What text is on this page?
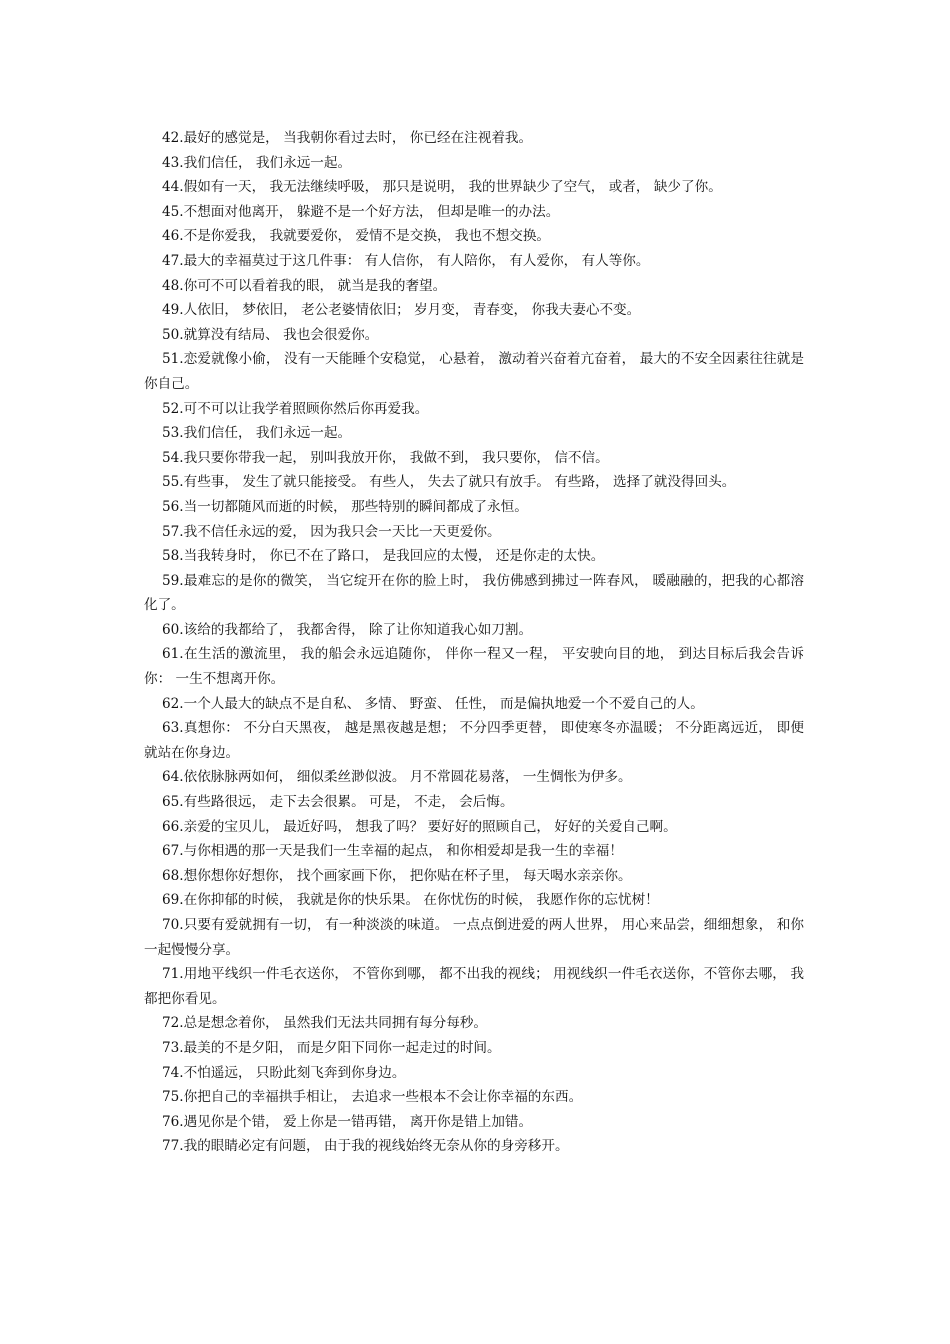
42.最好的感觉是， 当我朝你看过去时， 你已经在注视着我。

43.我们信任， 我们永远一起。

44.假如有一天， 我无法继续呼吸， 那只是说明， 我的世界缺少了空气， 或者， 缺少了你。

45.不想面对他离开， 躲避不是一个好方法， 但却是唯一的办法。

46.不是你爱我， 我就要爱你， 爱情不是交换， 我也不想交换。

47.最大的幸福莫过于这几件事： 有人信你， 有人陪你， 有人爱你， 有人等你。

48.你可不可以看着我的眼， 就当是我的奢望。

49.人依旧， 梦依旧， 老公老婆情依旧； 岁月变， 青春变， 你我夫妻心不变。

50.就算没有结局、 我也会很爱你。

51.恋爱就像小偷， 没有一天能睡个安稳觉， 心悬着， 激动着兴奋着亢奋着， 最大的不安全因素往往就是你自己。

52.可不可以让我学着照顾你然后你再爱我。

53.我们信任， 我们永远一起。

54.我只要你带我一起， 别叫我放开你， 我做不到， 我只要你， 信不信。

55.有些事， 发生了就只能接受。 有些人， 失去了就只有放手。 有些路， 选择了就没得回头。

56.当一切都随风而逝的时候， 那些特别的瞬间都成了永恒。

57.我不信任永远的爱， 因为我只会一天比一天更爱你。

58.当我转身时， 你已不在了路口， 是我回应的太慢， 还是你走的太快。

59.最难忘的是你的微笑， 当它绽开在你的脸上时， 我仿佛感到拂过一阵春风， 暖融融的，把我的心都溶化了。

60.该给的我都给了， 我都舍得， 除了让你知道我心如刀割。

61.在生活的激流里， 我的船会永远追随你， 伴你一程又一程， 平安驶向目的地， 到达目标后我会告诉你： 一生不想离开你。

62.一个人最大的缺点不是自私、 多情、 野蛮、 任性， 而是偏执地爱一个不爱自己的人。

63.真想你： 不分白天黑夜， 越是黑夜越是想； 不分四季更替， 即使寒冬亦温暖； 不分距离远近， 即便就站在你身边。

64.依依脉脉两如何， 细似柔丝渺似波。 月不常圆花易落， 一生惆怅为伊多。

65.有些路很远， 走下去会很累。 可是， 不走， 会后悔。

66.亲爱的宝贝儿， 最近好吗， 想我了吗？ 要好好的照顾自己， 好好的关爱自己啊。

67.与你相遇的那一天是我们一生幸福的起点， 和你相爱却是我一生的幸福！

68.想你想你好想你， 找个画家画下你， 把你贴在杯子里， 每天喝水亲亲你。

69.在你抑郁的时候， 我就是你的快乐果。 在你忧伤的时候， 我愿作你的忘忧树！

70.只要有爱就拥有一切， 有一种淡淡的味道。 一点点倒进爱的两人世界， 用心来品尝，细细想象， 和你一起慢慢分享。

71.用地平线织一件毛衣送你， 不管你到哪， 都不出我的视线； 用视线织一件毛衣送你，不管你去哪， 我都把你看见。

72.总是想念着你， 虽然我们无法共同拥有每分每秒。

73.最美的不是夕阳， 而是夕阳下同你一起走过的时间。

74.不怕遥远， 只盼此刻飞奔到你身边。

75.你把自己的幸福拱手相让， 去追求一些根本不会让你幸福的东西。

76.遇见你是个错， 爱上你是一错再错， 离开你是错上加错。

77.我的眼睛必定有问题， 由于我的视线始终无奈从你的身旁移开。
